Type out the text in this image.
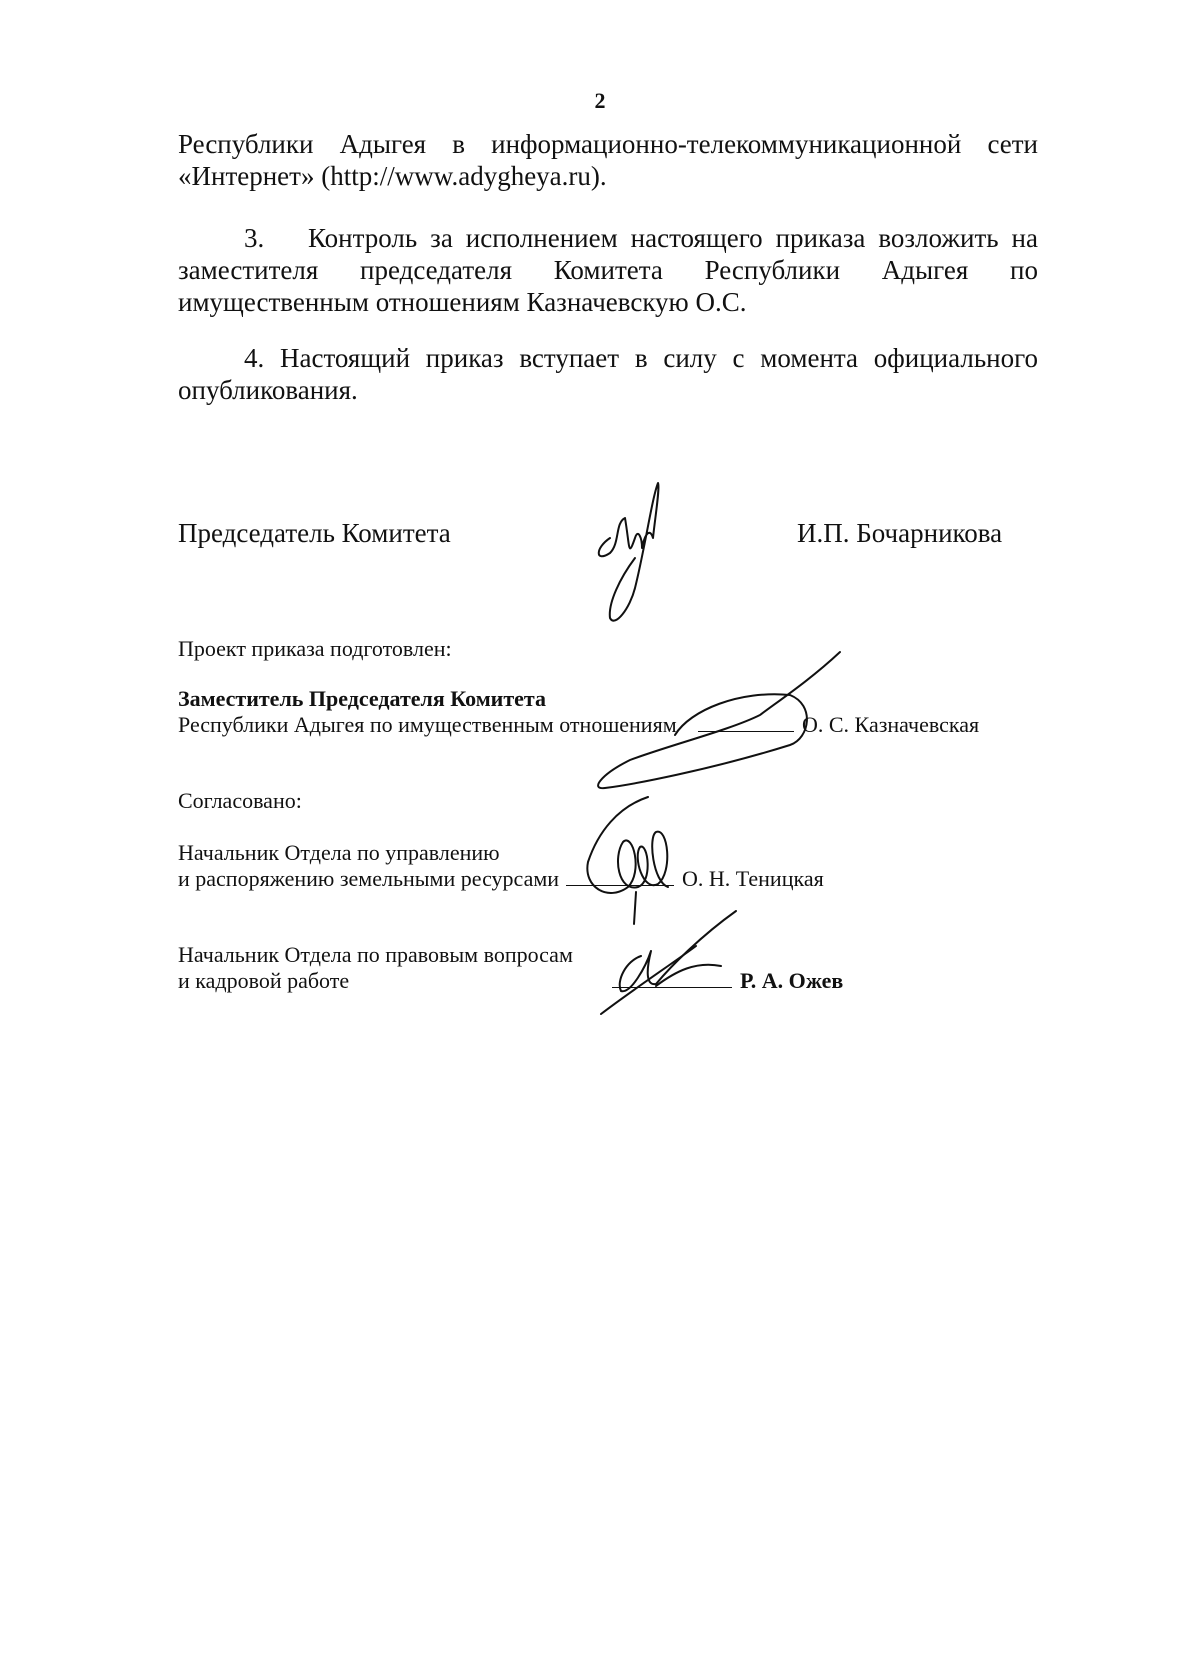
2
Республики Адыгея в информационно-телекоммуникационной сети
«Интернет» (http://www.adygheya.ru).
3. Контроль за исполнением настоящего приказа возложить на
заместителя председателя Комитета Республики Адыгея по
имущественным отношениям Казначевскую О.С.
4. Настоящий приказ вступает в силу с момента официального
опубликования.
Председатель Комитета	И.П. Бочарникова
Проект приказа подготовлен:
Заместитель Председателя Комитета
Республики Адыгея по имущественным отношениям	О. С. Казначевская
Согласовано:
Начальник Отдела по управлению
и распоряжению земельными ресурсами	О. Н. Теницкая
Начальник Отдела по правовым вопросам
и кадровой работе	Р. А. Ожев
